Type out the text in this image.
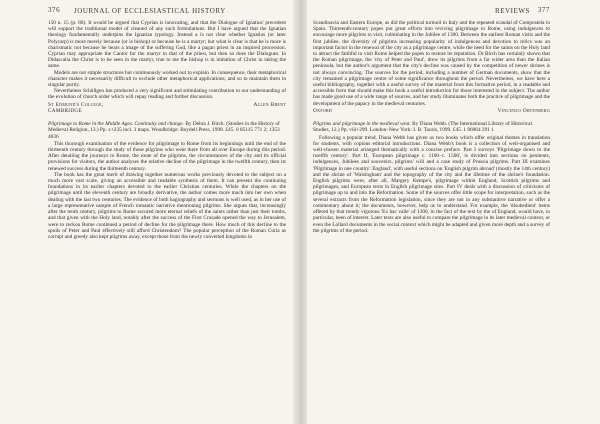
376 JOURNAL OF ECCLESIASTICAL HISTORY

150 n. 15 (p. 80). It would be argued that Cyprian is innovating, and that the Dialogue of Ignatius' precedent will support the traditional model of cleaned of any such formulations. But I have argued that the Ignatian theology fundamentally underpins the Ignatian typology. Instead a is not clear whether Ignatius (or later Polycarp) is more merely because (or is bishop) or because he is a martyr; but what is clear is that he is more is charismatic not because he bears a image of the suffering God, like a pagan priest in an inspired procession. Cyprian may appropriate the Cantor for the martyr in that of the priest, but then so does the Dialogues. In Didascalia the Christ is to be seen in the martyr, true to me the bishop is in imitation of Christ in taking the same.

Models are not simple structures but continuously worked out to explain. In consequence, their metaphorical character makes it necessarily difficult to exclude other metaphorical applications, and so to maintain them in singular purity.

Nevertheless Schöllgen has produced a very significant and stimulating contribution to our understanding of the evolution of church order which will repay reading and further discussion.

St Edmund's College,	Allen Brent
CAMBRIDGE
Pilgrimage to Rome in the Middle Ages. Continuity and change. By Debra J. Birch. (Studies in the History of Medieval Religion, 13.) Pp. x+235 incl. 3 maps. Woodbridge: Boydell Press, 1998. £45. 0 85115 771 2; 1353 4036

This thorough examination of the evidence for pilgrimage to Rome from its beginnings until the end of the thirteenth century through the study of those pilgrims who went there from all over Europe during this period. After detailing the journeys to Rome, the route of the pilgrims, the circumstances of the city and its official provisions for visitors, the author analyses the relative decline of the pilgrimage in the twelfth century, then its renewed success during the thirteenth century.

The book has the great merit of drawing together numerous works previously devoted to the subject on a much more vast scale, giving an accessible and readable synthesis of them. It can present the continuing foundations in its earlier chapters devoted to the earlier Christian centuries. While the chapters on the pilgrimage until the eleventh century are broadly derivative, the author comes more much into her own when dealing with the last two centuries. The evidence of both hagiography and sermons is well used, as in her use of a large representative sample of French romantic narrative mentioning pilgrims. She argues that, increasingly after the tenth century, pilgrims to Rome secured more eternal reliefs of the saints rather than just their tombs, and that given with the Holy land, notably after the success of the First Crusade opened the way to Jerusalem, were to reckon Rome continued a period of decline for the pilgrimage there. How much of this decline to the spoils of Peter and Paul effectively still afford Christendom? The popular perception of the Roman Curia as corrupt and greedy also kept pilgrims away, except those from the newly converted kingdoms in

REVIEWS 377

Scandinavia and Eastern Europe, as did the political turmoil in Italy and the repeated scandal of Compostela in Spain. Thirteenth-century popes put great efforts into reviving pilgrimage to Rome, using indulgences to encourage more pilgrims to visit, culminating in the Jubilee of 1300. Between the earliest Roman visits and the first jubilee, the diversity of pilgrims increasing popularity of indulgences and devotion to relics was an important factor in the renewal of the city as a pilgrimage centre, while the need for the saints on the Holy land to attract the faithful to visit Rome helped the popes to restore its reputation. Dr Birch has certainly shown that the Roman pilgrimage, the 'city of Peter and Paul', drew its pilgrims from a far wider area than the Italian peninsula, but the author's argument that the city's decline was caused by the competition of newer shrines is not always convincing. The sources for the period, including a number of German documents, show that the city remained a pilgrimage centre of some significance throughout the period. Nevertheless, we have here a useful bibliography, together with a useful survey of the material from this formative period, in a readable and accessible form that should make this book a useful introduction for those interested in the subject. The author has made good use of a wide range of sources, and her study illuminates both the practice of pilgrimage and the development of the papacy in the medieval centuries.

Oxford	Vincenzo Ortenberg
Pilgrims and pilgrimage in the medieval west. By Diana Webb. (The International Library of Historical Studies, 12.) Pp. viii+299. London–New York: I. B. Tauris, 1999. £45. 1 86064 291 1

Following a popular trend, Diana Webb has given us two books which offer original themes in translation for students, with copious editorial introductions. Diana Webb's book is a collection of well-organised and well-chosen material arranged thematically with a concise preface. Part I surveys 'Pilgrimage down to the twelfth century'. Part II, 'European pilgrimage c. 1100–c. 1500', is divided into sections on penitents, indulgences, Jubilees and souvenirs, pilgrims' will and a case study of Prussia pilgrims. Part III examines 'Pilgrimage in one country: England', with useful sections on 'English pilgrim abroad' (mostly the 14th century) and the shrine of 'Walsingham' and the topography of the city and the lifetime of the shrine's foundation. English pilgrims were, after all, Margery Kempe's, pilgrimage within England, Scottish pilgrims and pilgrimages, and European texts in English pilgrimage sites. Part IV deals with a discussion of criticisms of pilgrimage up to and into the Reformation. Some of the sources offer little scope for interpretation, such as the several extracts from the Reformation legislation, since they are not in any substantive narrative or offer a commentary about it; the documents, however, help us to understand. For example, the 'disobedient' items offered by that trendy vigorous 'Ex hac valle' of 1300, in the fact of the text by the of England, would have, in particular, been of interest. Later texts are also useful to compare the pilgrimage in its later medieval context, or even the Lollard documents in the social context which might be adapted and given more depth and a survey of the pilgrims of the period.
